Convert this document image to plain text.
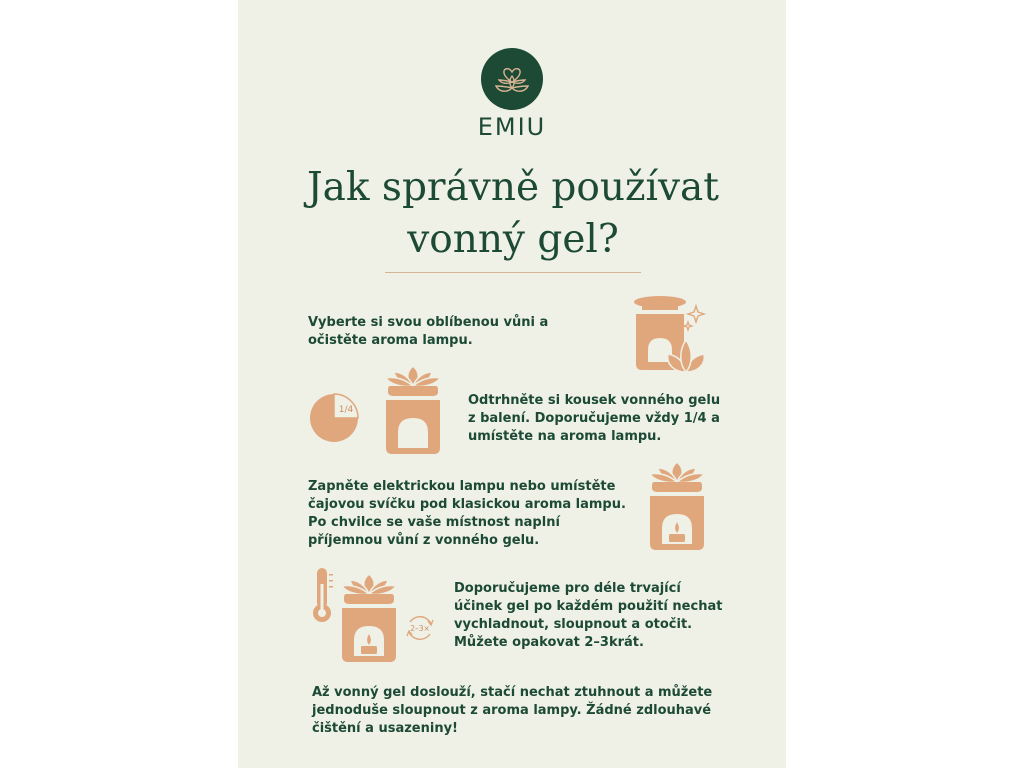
EMIU
Jak správně používat
vonný gel?

Vyberte si svou oblíbenou vůni a očistěte aroma lampu.

1/4

Odtrhněte si kousek vonného gelu z balení. Doporučujeme vždy 1/4 a umístěte na aroma lampu.

Zapněte elektrickou lampu nebo umístěte čajovou svíčku pod klasickou aroma lampu. Po chvilce se vaše místnost naplní příjemnou vůní z vonného gelu.

2–3×

Doporučujeme pro déle trvající účinek gel po každém použití nechat vychladnout, sloupnout a otočit. Můžete opakovat 2–3krát.

Až vonný gel doslouží, stačí nechat ztuhnout a můžete jednoduše sloupnout z aroma lampy. Žádné zdlouhavé čištění a usazeniny!
